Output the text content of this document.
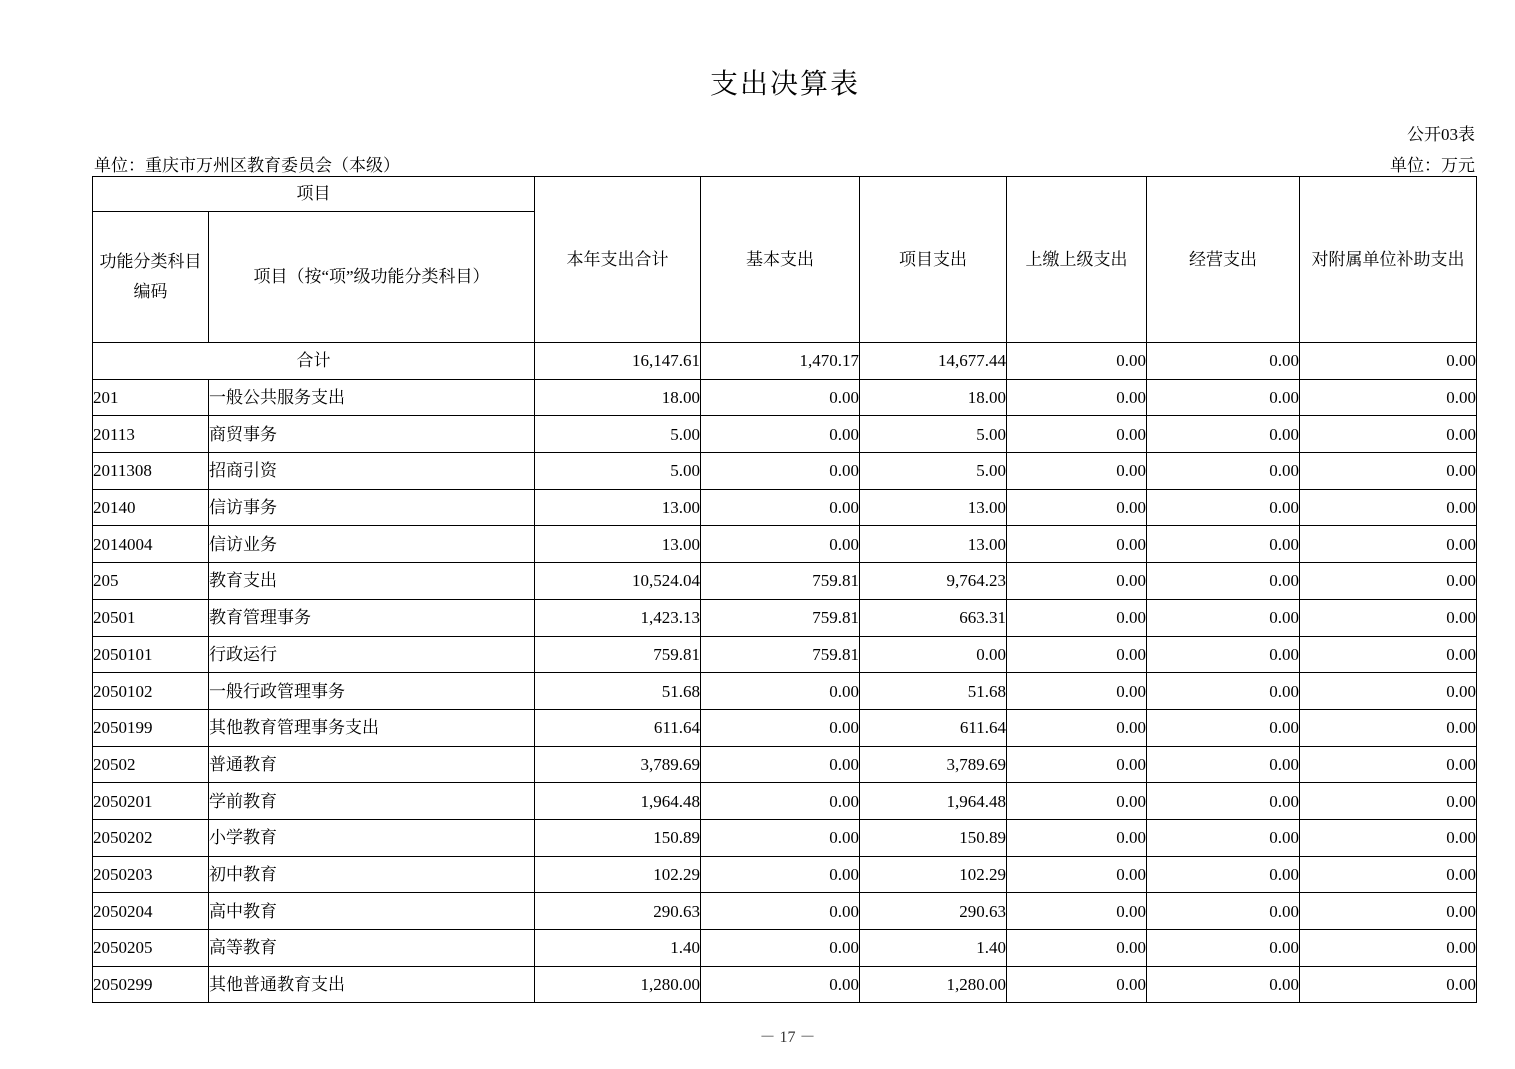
支出决算表
公开03表
单位：重庆市万州区教育委员会（本级）	单位：万元
项目		本年支出合计	基本支出	项目支出	上缴上级支出	经营支出	对附属单位补助支出
功能分类科目编码	项目（按“项”级功能分类科目）						
合计		16,147.61	1,470.17	14,677.44	0.00	0.00	0.00
201	一般公共服务支出	18.00	0.00	18.00	0.00	0.00	0.00
20113	商贸事务	5.00	0.00	5.00	0.00	0.00	0.00
2011308	招商引资	5.00	0.00	5.00	0.00	0.00	0.00
20140	信访事务	13.00	0.00	13.00	0.00	0.00	0.00
2014004	信访业务	13.00	0.00	13.00	0.00	0.00	0.00
205	教育支出	10,524.04	759.81	9,764.23	0.00	0.00	0.00
20501	教育管理事务	1,423.13	759.81	663.31	0.00	0.00	0.00
2050101	行政运行	759.81	759.81	0.00	0.00	0.00	0.00
2050102	一般行政管理事务	51.68	0.00	51.68	0.00	0.00	0.00
2050199	其他教育管理事务支出	611.64	0.00	611.64	0.00	0.00	0.00
20502	普通教育	3,789.69	0.00	3,789.69	0.00	0.00	0.00
2050201	学前教育	1,964.48	0.00	1,964.48	0.00	0.00	0.00
2050202	小学教育	150.89	0.00	150.89	0.00	0.00	0.00
2050203	初中教育	102.29	0.00	102.29	0.00	0.00	0.00
2050204	高中教育	290.63	0.00	290.63	0.00	0.00	0.00
2050205	高等教育	1.40	0.00	1.40	0.00	0.00	0.00
2050299	其他普通教育支出	1,280.00	0.00	1,280.00	0.00	0.00	0.00
－ 17 －
